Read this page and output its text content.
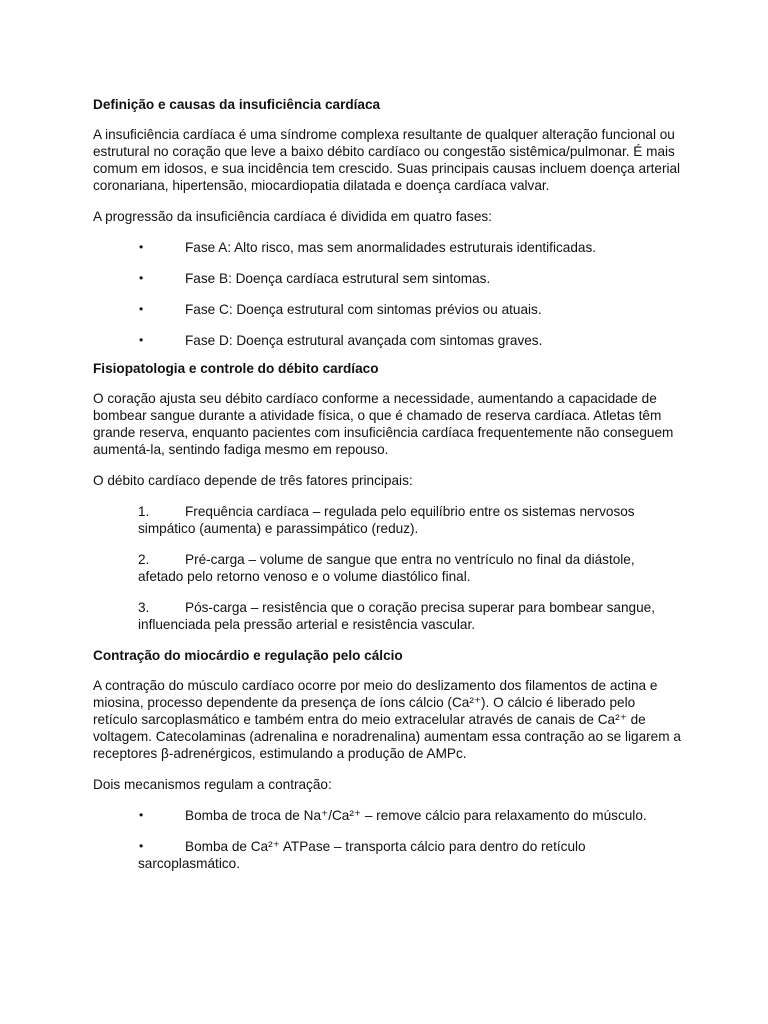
Definição e causas da insuficiência cardíaca

A insuficiência cardíaca é uma síndrome complexa resultante de qualquer alteração funcional ou estrutural no coração que leve a baixo débito cardíaco ou congestão sistêmica/pulmonar. É mais comum em idosos, e sua incidência tem crescido. Suas principais causas incluem doença arterial coronariana, hipertensão, miocardiopatia dilatada e doença cardíaca valvar.

A progressão da insuficiência cardíaca é dividida em quatro fases:

•	Fase A: Alto risco, mas sem anormalidades estruturais identificadas.
•	Fase B: Doença cardíaca estrutural sem sintomas.
•	Fase C: Doença estrutural com sintomas prévios ou atuais.
•	Fase D: Doença estrutural avançada com sintomas graves.
Fisiopatologia e controle do débito cardíaco

O coração ajusta seu débito cardíaco conforme a necessidade, aumentando a capacidade de bombear sangue durante a atividade física, o que é chamado de reserva cardíaca. Atletas têm grande reserva, enquanto pacientes com insuficiência cardíaca frequentemente não conseguem aumentá-la, sentindo fadiga mesmo em repouso.

O débito cardíaco depende de três fatores principais:

1.	Frequência cardíaca – regulada pelo equilíbrio entre os sistemas nervosos simpático (aumenta) e parassimpático (reduz).
2.	Pré-carga – volume de sangue que entra no ventrículo no final da diástole, afetado pelo retorno venoso e o volume diastólico final.
3.	Pós-carga – resistência que o coração precisa superar para bombear sangue, influenciada pela pressão arterial e resistência vascular.
Contração do miocárdio e regulação pelo cálcio

A contração do músculo cardíaco ocorre por meio do deslizamento dos filamentos de actina e miosina, processo dependente da presença de íons cálcio (Ca²⁺). O cálcio é liberado pelo retículo sarcoplasmático e também entra do meio extracelular através de canais de Ca²⁺ de voltagem. Catecolaminas (adrenalina e noradrenalina) aumentam essa contração ao se ligarem a receptores β-adrenérgicos, estimulando a produção de AMPc.

Dois mecanismos regulam a contração:

•	Bomba de troca de Na⁺/Ca²⁺ – remove cálcio para relaxamento do músculo.
•	Bomba de Ca²⁺ ATPase – transporta cálcio para dentro do retículo sarcoplasmático.
